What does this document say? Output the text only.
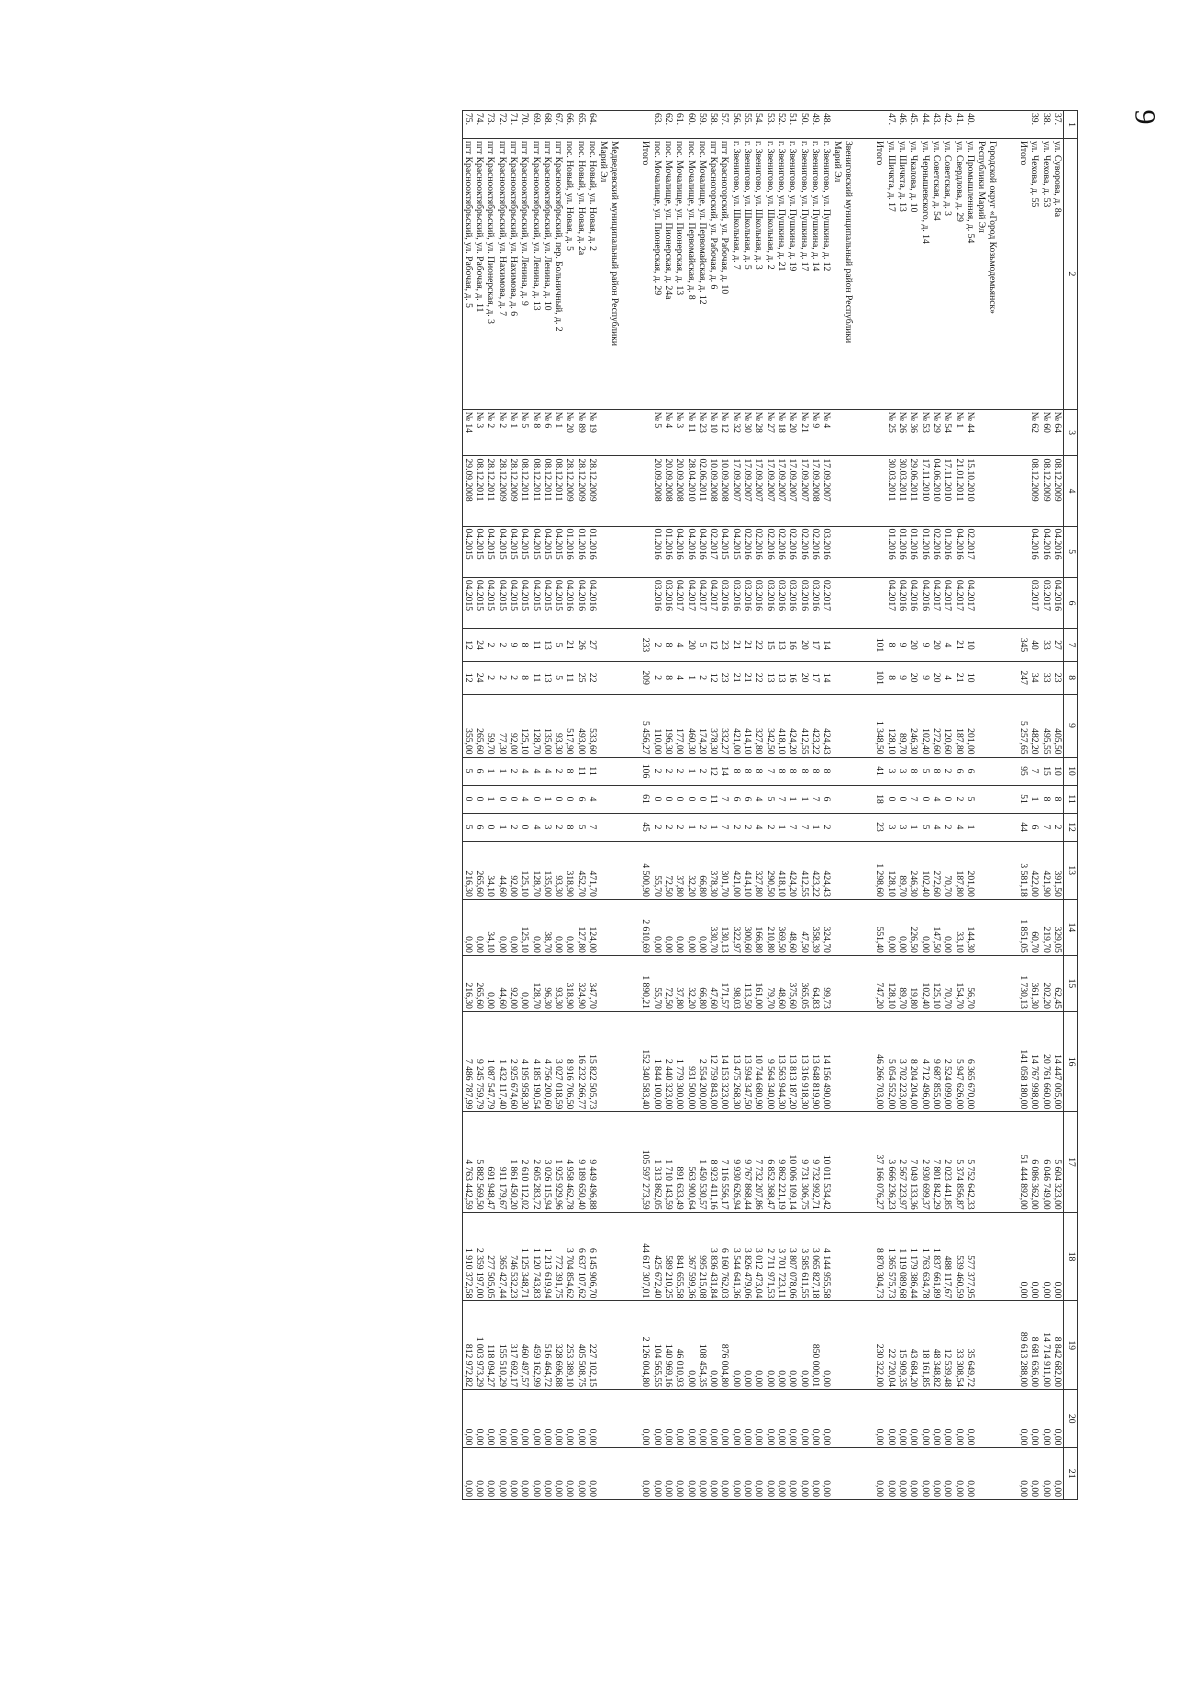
9
1	2	3	4	5	6	7	8	9	10	11	12	13	14	15	16	17	18	19	20	21
37.	ул. Суворова, д. 8а	№ 64	08.12.2009	04.2016	04.2016	27	23	405,50	10	8	2	391,50	329,05	62,45	14 447 005,00	5 604 323,00	0,00	8 842 682,00	0,00	0,00
38.	ул. Чехова, д. 53	№ 60	08.12.2009	04.2016	03.2017	33	33	495,55	15	8	7	421,90	219,70	202,20	20 761 660,00	6 046 749,00	0,00	14 714 911,00	0,00	0,00
39.	ул. Чехова, д. 55	№ 62	08.12.2009	04.2016	03.2017	40	34	482,20	7	1	6	422,00	60,70	361,30	14 767 998,00	6 086 362,00	0,00	8 681 636,00	0,00	0,00
	Итого					345	247	5 257,65	95	51	44	3 581,18	1 851,05	1 730,13	141 058 180,00	51 444 892,00	0,00	89 613 288,00	0,00	0,00

	Городской округ «Город Козьмодемьянск»																			
	Республики Марий Эл																			
40.	ул. Промышленная, д. 54	№ 44	15.10.2010	02.2017	04.2017	10	10	201,00	6	5	1	201,00	144,30	56,70	6 365 670,00	5 752 642,33	577 377,95	35 649,72	0,00	0,00
41.	ул. Свердлова, д. 29	№ 1	21.01.2011	04.2016	04.2017	21	21	187,80	6	2	4	187,80	33,10	154,70	5 947 626,00	5 374 856,87	539 460,59	33 308,54	0,00	0,00
42.	ул. Советская, д. 3	№ 54	17.11.2010	01.2016	04.2017	4	4	120,60	2	0	2	70,70	0,00	70,70	2 524 099,00	2 023 441,85	488 117,67	12 539,48	0,00	0,00
43.	ул. Советская, д. 54	№ 29	04.06.2010	02.2016	04.2017	20	20	272,60	8	4	4	272,60	147,50	125,10	9 687 855,00	7 801 842,29	1 837 661,89	48 348,82	0,00	0,00
44.	ул. Чернышевского, д. 14	№ 53	17.11.2010	01.2016	04.2016	9	9	102,40	5	0	5	102,40	0,00	102,40	4 712 496,00	2 930 699,37	1 763 634,78	18 161,85	0,00	0,00
45.	ул. Чкалова, д. 10	№ 36	29.06.2011	01.2016	04.2016	20	20	246,30	8	7	1	246,30	226,50	19,80	8 204 204,00	7 049 133,36	1 179 386,44	43 684,20	0,00	0,00
46.	ул. Шичкта, д. 13	№ 26	30.03.2011	01.2016	04.2016	9	9	89,70	3	0	3	89,70	0,00	89,70	3 702 223,00	2 567 223,97	1 119 089,68	15 909,35	0,00	0,00
47.	ул. Шичкта, д. 17	№ 25	30.03.2011	01.2016	04.2017	8	8	128,10	3	0	3	128,10	0,00	128,10	5 054 552,00	3 666 236,23	1 365 575,73	22 720,04	0,00	0,00
	Итого					101	101	1 348,50	41	18	23	1 298,60	551,40	747,20	46 266 703,00	37 166 076,27	8 870 304,73	230 322,00	0,00	0,00

	Звениговский муниципальный район Республики																			
	Марий Эл																			
48.	г. Звенигово, ул. Пушкина, д. 12	№ 4	17.09.2007	03.2016	02.2017	14	14	424,43	8	6	2	424,43	324,70	99,73	14 156 490,00	10 011 534,42	4 144 955,58	0,00	0,00	0,00
49.	г. Звенигово, ул. Пушкина, д. 14	№ 9	17.09.2008	02.2016	03.2016	17	17	423,22	8	7	1	423,22	358,39	64,83	13 648 819,90	9 732 992,71	3 065 827,18	850 000,01	0,00	0,00
50.	г. Звенигово, ул. Пушкина, д. 17	№ 21	17.09.2007	02.2016	03.2016	20	20	412,55	8	1	7	412,55	47,50	365,05	13 316 918,30	9 731 306,75	3 585 611,55	0,00	0,00	0,00
51.	г. Звенигово, ул. Пушкина, д. 19	№ 20	17.09.2007	02.2016	03.2016	16	16	424,20	8	1	7	424,20	48,60	375,60	13 813 187,20	10 006 109,14	3 807 078,06	0,00	0,00	0,00
52.	г. Звенигово, ул. Пушкина, д. 21	№ 18	17.09.2007	02.2016	03.2016	13	13	418,10	8	7	1	418,10	369,50	48,60	13 563 944,30	9 862 221,19	3 701 723,11	0,00	0,00	0,00
53.	г. Звенигово, ул. Школьная, д. 2	№ 27	17.09.2007	02.2016	03.2016	15	13	342,50	7	5	2	290,50	210,80	79,70	9 564 340,00	6 852 368,47	2 711 971,53	0,00	0,00	0,00
54.	г. Звенигово, ул. Школьная, д. 3	№ 28	17.09.2007	02.2016	03.2016	22	22	327,80	8	4	4	327,80	166,80	161,00	10 744 680,90	7 732 207,86	3 012 473,04	0,00	0,00	0,00
55.	г. Звенигово, ул. Школьная, д. 5	№ 30	17.09.2007	02.2016	03.2016	21	21	414,10	8	6	2	414,10	300,60	113,50	13 594 347,50	9 767 868,44	3 826 479,06	0,00	0,00	0,00
56.	г. Звенигово, ул. Школьная, д. 7	№ 32	17.09.2007	04.2015	03.2016	21	21	421,00	8	6	2	421,00	322,97	98,03	13 475 268,30	9 930 626,94	3 544 641,36	0,00	0,00	0,00
57.	пгт Красногорский, ул. Рабочая, д. 10	№ 12	10.09.2008	04.2015	03.2016	23	23	332,27	14	7	7	301,70	130,13	171,57	14 153 323,00	7 116 556,17	6 160 762,03	876 004,80	0,00	0,00
58.	пгт Красногорский, ул. Рабочая, д. 6	№ 10	10.09.2008	02.2017	04.2017	12	12	378,30	12	11	1	378,30	330,70	47,60	12 759 843,00	8 923 411,16	3 836 431,84	0,00	0,00	0,00
59.	пос. Мочалище, ул. Первомайская, д. 12	№ 23	02.06.2011	04.2016	04.2017	5	2	174,20	2	0	2	66,80	0,00	66,80	2 554 200,00	1 450 530,57	995 215,08	108 454,35	0,00	0,00
60.	пос. Мочалище, ул. Первомайская, д. 8	№ 11	28.04.2010	04.2016	04.2017	20	1	460,30	1	0	1	32,20	0,00	32,20	931 500,00	563 900,64	367 599,36	0,00	0,00	0,00
61.	пос. Мочалище, ул. Пионерская, д. 13	№ 3	20.09.2008	04.2016	04.2017	4	4	177,00	2	0	2	37,80	0,00	37,80	1 779 300,00	891 633,49	841 655,58	46 010,93	0,00	0,00
62.	пос. Мочалище, ул. Пионерская, д. 24а	№ 4	20.09.2008	01.2016	03.2016	8	8	196,30	2	0	2	72,50	0,00	72,50	2 440 323,00	1 710 143,59	589 210,25	140 969,16	0,00	0,00
63.	пос. Мочалище, ул. Пионерская, д. 29	№ 5	20.09.2008	01.2016	03.2016	2	2	110,00	2	0	2	55,70	0,00	55,70	1 844 100,00	1 313 862,05	425 672,40	104 565,55	0,00	0,00
	Итого					233	209	5 456,27	106	61	45	4 500,90	2 610,69	1 890,21	152 340 583,40	105 597 273,59	44 617 307,01	2 126 004,80	0,00	0,00

	Медведевский муниципальный район Республики																			
	Марий Эл																			
64.	пос. Новый, ул. Новая, д. 2	№ 19	28.12.2009	01.2016	04.2016	27	22	533,60	11	4	7	471,70	124,00	347,70	15 822 505,73	9 449 496,88	6 145 906,70	227 102,15	0,00	0,00
65.	пос. Новый, ул. Новая, д. 2а	№ 89	28.12.2009	01.2016	04.2016	26	25	493,00	11	6	5	452,70	127,80	324,90	16 232 266,77	9 189 650,40	6 637 107,62	405 508,75	0,00	0,00
66.	пос. Новый, ул. Новая, д. 5	№ 20	28.12.2009	01.2016	04.2016	21	11	517,90	8	0	8	318,90	0,00	318,90	8 916 706,50	4 958 462,78	3 704 854,62	253 389,10	0,00	0,00
67.	пгт Краснооктябрьский, пер. Больничный, д. 2	№ 1	08.12.2011	04.2015	04.2015	5	5	93,30	2	0	2	93,30	0,00	93,30	3 027 018,59	1 925 929,96	772 391,75	328 696,88	0,00	0,00
68.	пгт Краснооктябрьский, ул. Ленина, д. 10	№ 6	08.12.2011	04.2015	04.2015	13	13	135,00	4	1	3	135,00	38,70	96,30	4 756 200,60	3 026 115,94	1 213 619,94	516 464,72	0,00	0,00
69.	пгт Краснооктябрьский, ул. Ленина, д. 13	№ 8	08.12.2011	04.2015	04.2015	11	11	128,70	4	0	4	128,70	0,00	128,70	4 185 190,54	2 605 283,72	1 120 743,83	459 162,99	0,00	0,00
70.	пгт Краснооктябрьский, ул. Ленина, д. 9	№ 5	08.12.2011	04.2015	04.2015	8	8	125,10	4	4	0	125,10	125,10	0,00	4 195 958,30	2 610 112,02	1 125 348,71	460 497,57	0,00	0,00
71.	пгт Краснооктябрьский, ул. Нахимова, д. 6	№ 1	28.12.2009	04.2015	04.2015	9	2	92,00	2	0	2	92,00	0,00	92,00	2 925 674,60	1 861 450,20	746 532,23	317 692,17	0,00	0,00
72.	пгт Краснооктябрьский, ул. Нахимова, д. 7	№ 2	28.12.2009	04.2015	04.2015	2	2	77,30	1	0	1	44,60	0,00	44,60	1 432 117,40	911 179,67	365 427,44	155 510,29	0,00	0,00
73.	пгт Краснооктябрьский, ул. Пионерская, д. 3	№ 2	28.12.2011	04.2015	04.2015	2	2	59,70	1	1	0	34,10	34,10	0,00	1 087 547,79	691 948,47	277 505,05	118 094,27	0,00	0,00
74.	пгт Краснооктябрьский, ул. Рабочая, д. 11	№ 3	08.12.2011	04.2015	04.2015	24	24	265,60	6	0	6	265,60	0,00	265,60	9 245 759,79	5 882 569,50	2 359 197,00	1 003 973,29	0,00	0,00
75.	пгт Краснооктябрьский, ул. Рабочая, д. 5	№ 14	29.09.2008	04.2015	04.2015	12	12	355,00	5	0	5	216,30	0,00	216,30	7 486 787,99	4 763 442,59	1 910 372,58	812 972,82	0,00	0,00
